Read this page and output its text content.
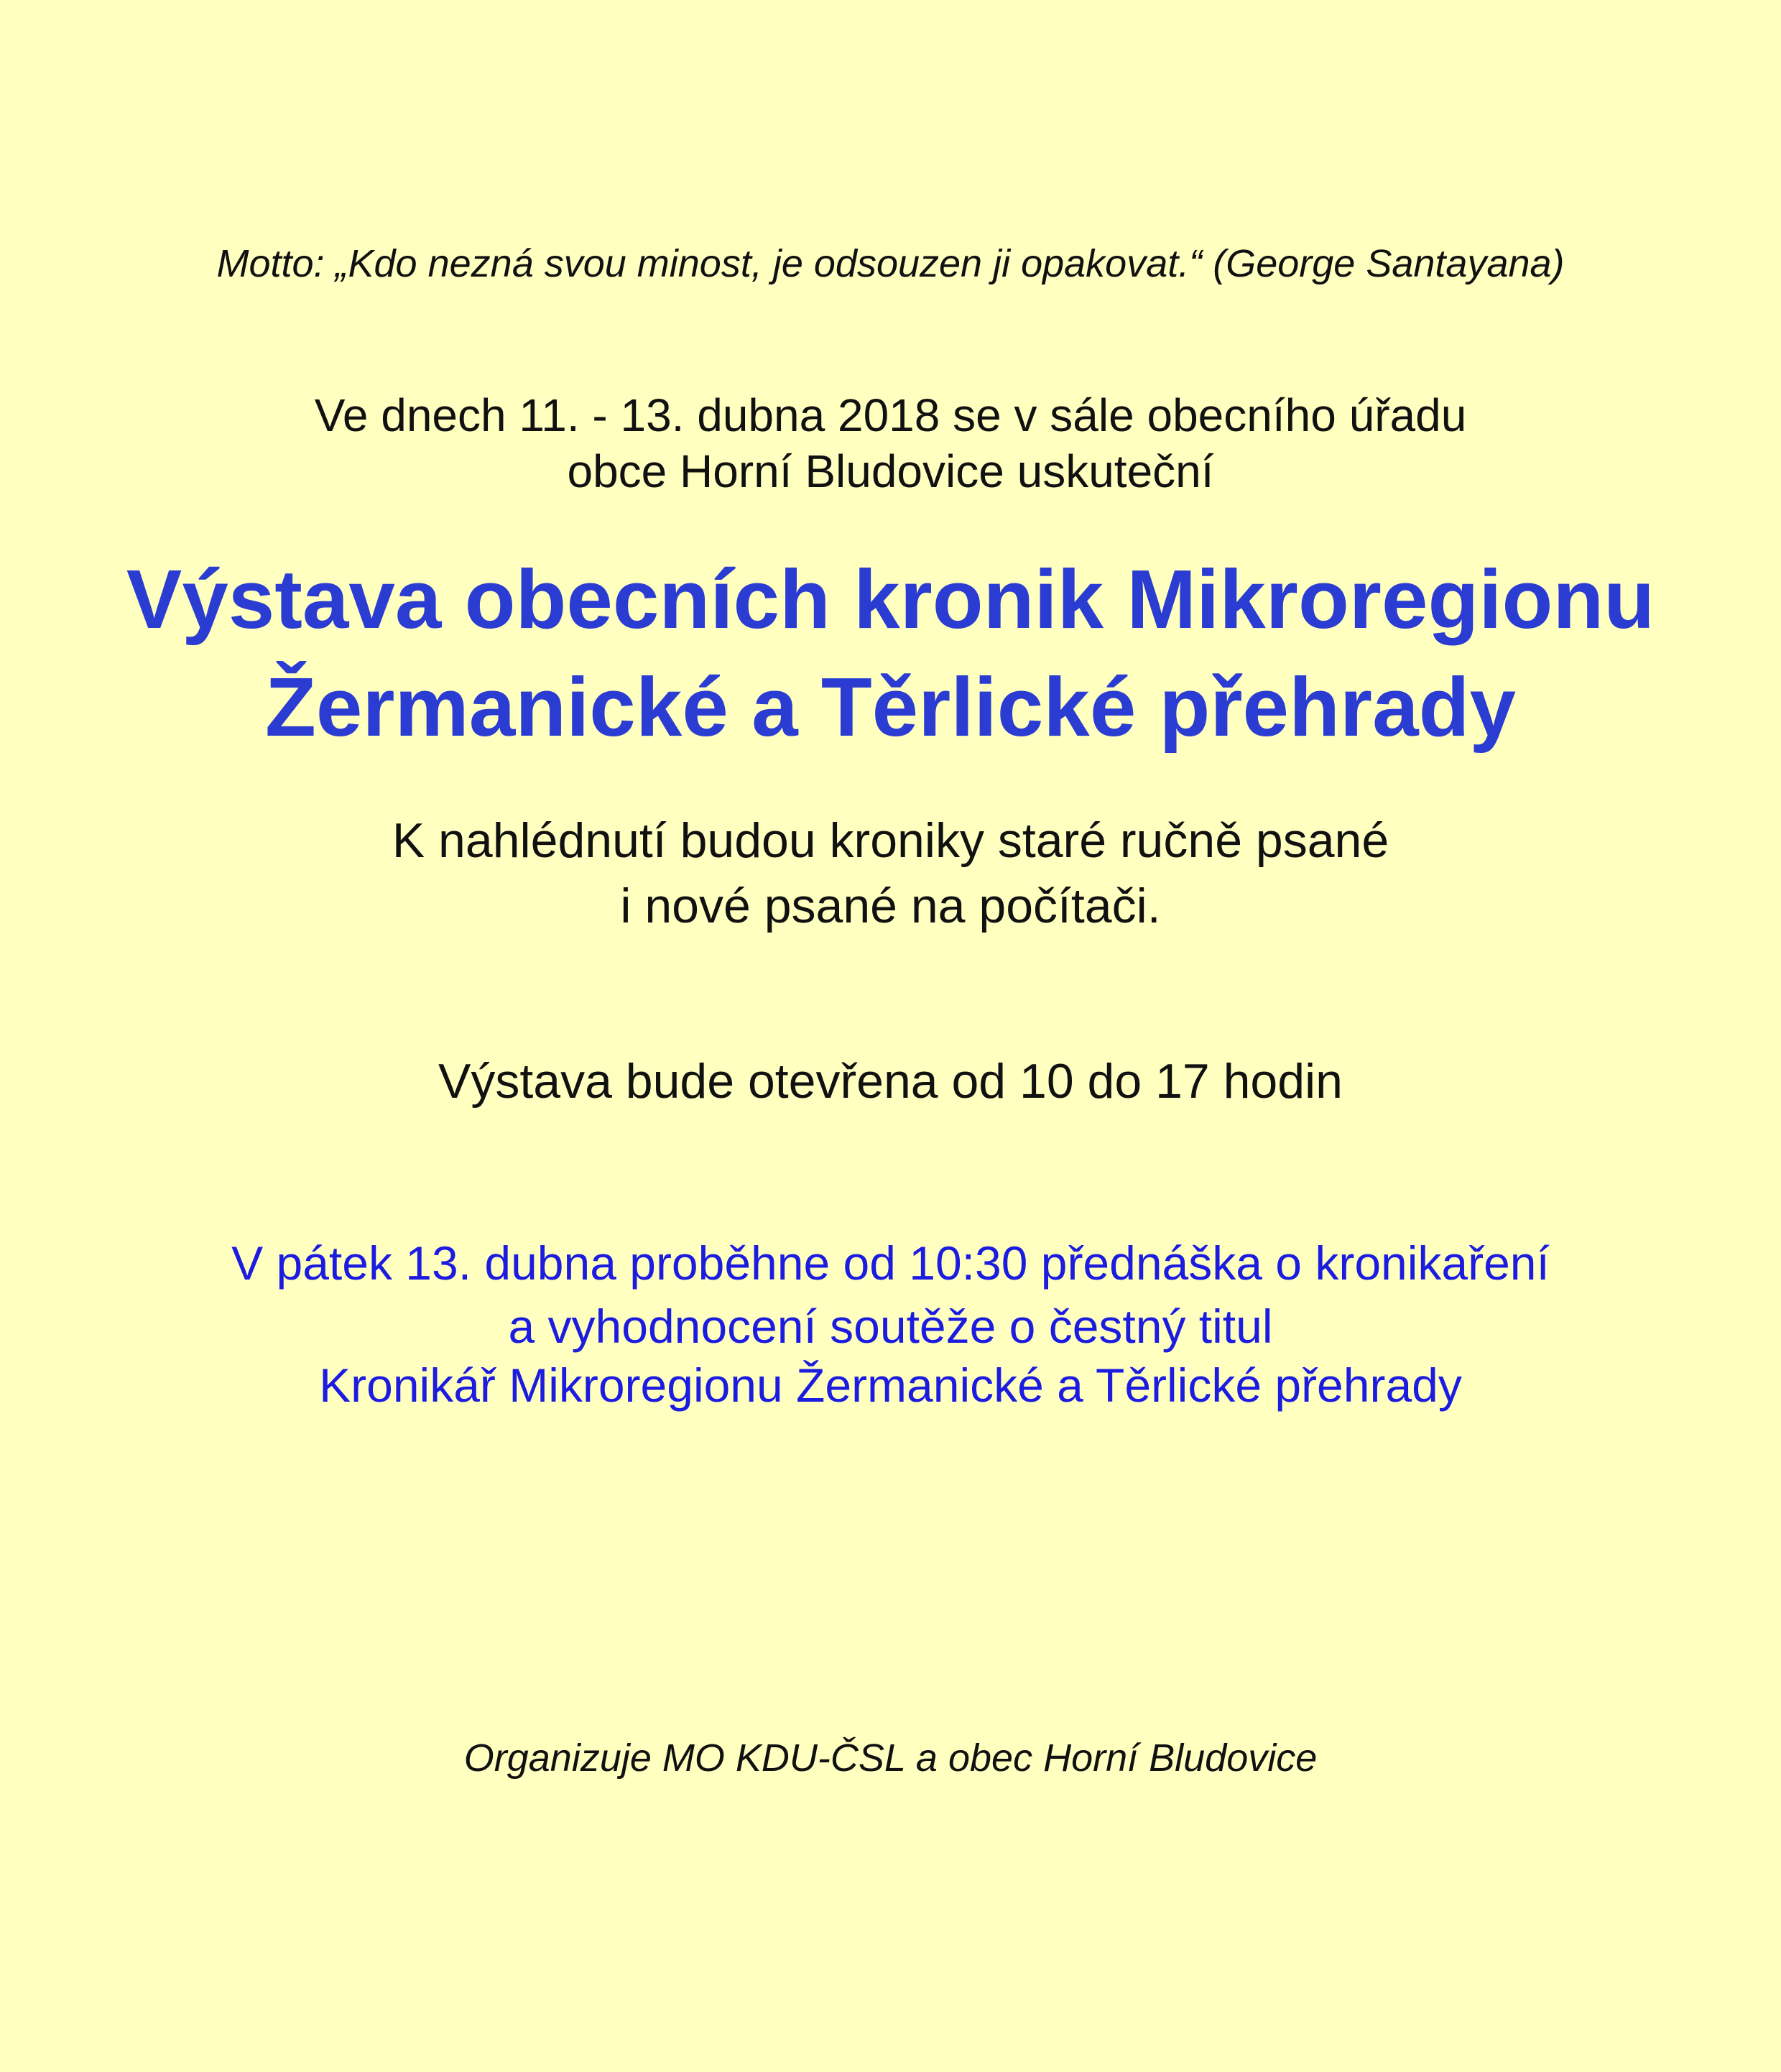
Motto: „Kdo nezná svou minost, je odsouzen ji opakovat.“ (George Santayana)

Ve dnech 11. - 13. dubna 2018 se v sále obecního úřadu

obce Horní Bludovice uskuteční

Výstava obecních kronik Mikroregionu
Žermanické a Těrlické přehrady

K nahlédnutí budou kroniky staré ručně psané

i nové psané na počítači.

Výstava bude otevřena od 10 do 17 hodin

V pátek 13. dubna proběhne od 10:30 přednáška o kronikaření

a vyhodnocení soutěže o čestný titul

Kronikář Mikroregionu Žermanické a Těrlické přehrady

Organizuje MO KDU-ČSL a obec Horní Bludovice
